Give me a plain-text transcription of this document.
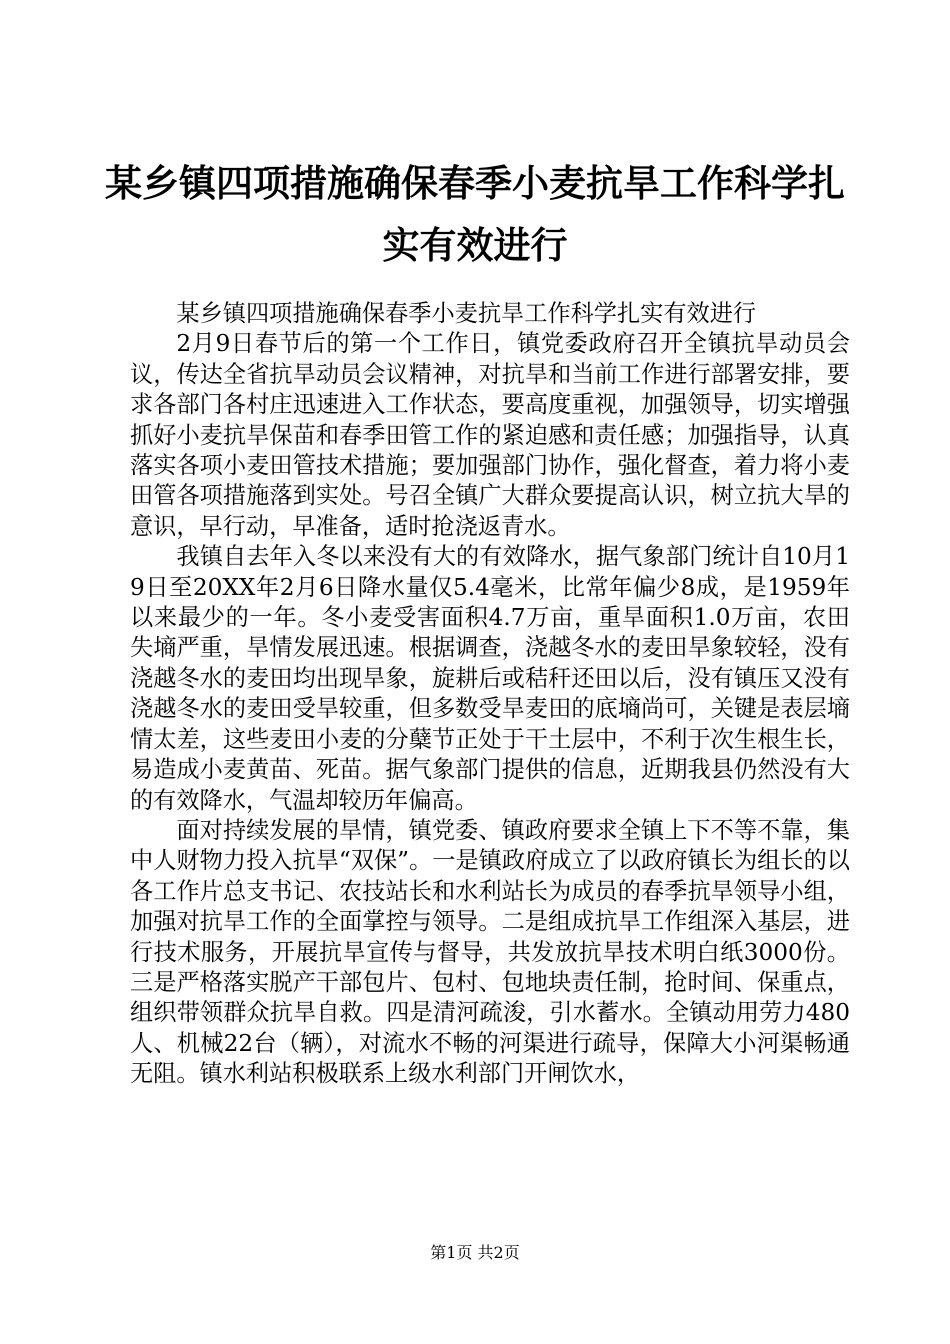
某乡镇四项措施确保春季小麦抗旱工作科学扎
实有效进行

某乡镇四项措施确保春季小麦抗旱工作科学扎实有效进行

2月9日春节后的第一个工作日，镇党委政府召开全镇抗旱动员会议，传达全省抗旱动员会议精神，对抗旱和当前工作进行部署安排，要求各部门各村庄迅速进入工作状态，要高度重视，加强领导，切实增强抓好小麦抗旱保苗和春季田管工作的紧迫感和责任感；加强指导，认真落实各项小麦田管技术措施；要加强部门协作，强化督查，着力将小麦田管各项措施落到实处。号召全镇广大群众要提高认识，树立抗大旱的意识，早行动，早准备，适时抢浇返青水。

我镇自去年入冬以来没有大的有效降水，据气象部门统计自10月19日至20XX年2月6日降水量仅5.4毫米，比常年偏少8成，是1959年以来最少的一年。冬小麦受害面积4.7万亩，重旱面积1.0万亩，农田失墒严重，旱情发展迅速。根据调查，浇越冬水的麦田旱象较轻，没有浇越冬水的麦田均出现旱象，旋耕后或秸秆还田以后，没有镇压又没有浇越冬水的麦田受旱较重，但多数受旱麦田的底墒尚可，关键是表层墒情太差，这些麦田小麦的分蘖节正处于干土层中，不利于次生根生长，易造成小麦黄苗、死苗。据气象部门提供的信息，近期我县仍然没有大的有效降水，气温却较历年偏高。

面对持续发展的旱情，镇党委、镇政府要求全镇上下不等不靠，集中人财物力投入抗旱“双保”。一是镇政府成立了以政府镇长为组长的以各工作片总支书记、农技站长和水利站长为成员的春季抗旱领导小组，加强对抗旱工作的全面掌控与领导。二是组成抗旱工作组深入基层，进行技术服务，开展抗旱宣传与督导，共发放抗旱技术明白纸3000份。三是严格落实脱产干部包片、包村、包地块责任制，抢时间、保重点，组织带领群众抗旱自救。四是清河疏浚，引水蓄水。全镇动用劳力480人、机械22台（辆），对流水不畅的河渠进行疏导，保障大小河渠畅通无阻。镇水利站积极联系上级水利部门开闸饮水，

第1页 共2页
